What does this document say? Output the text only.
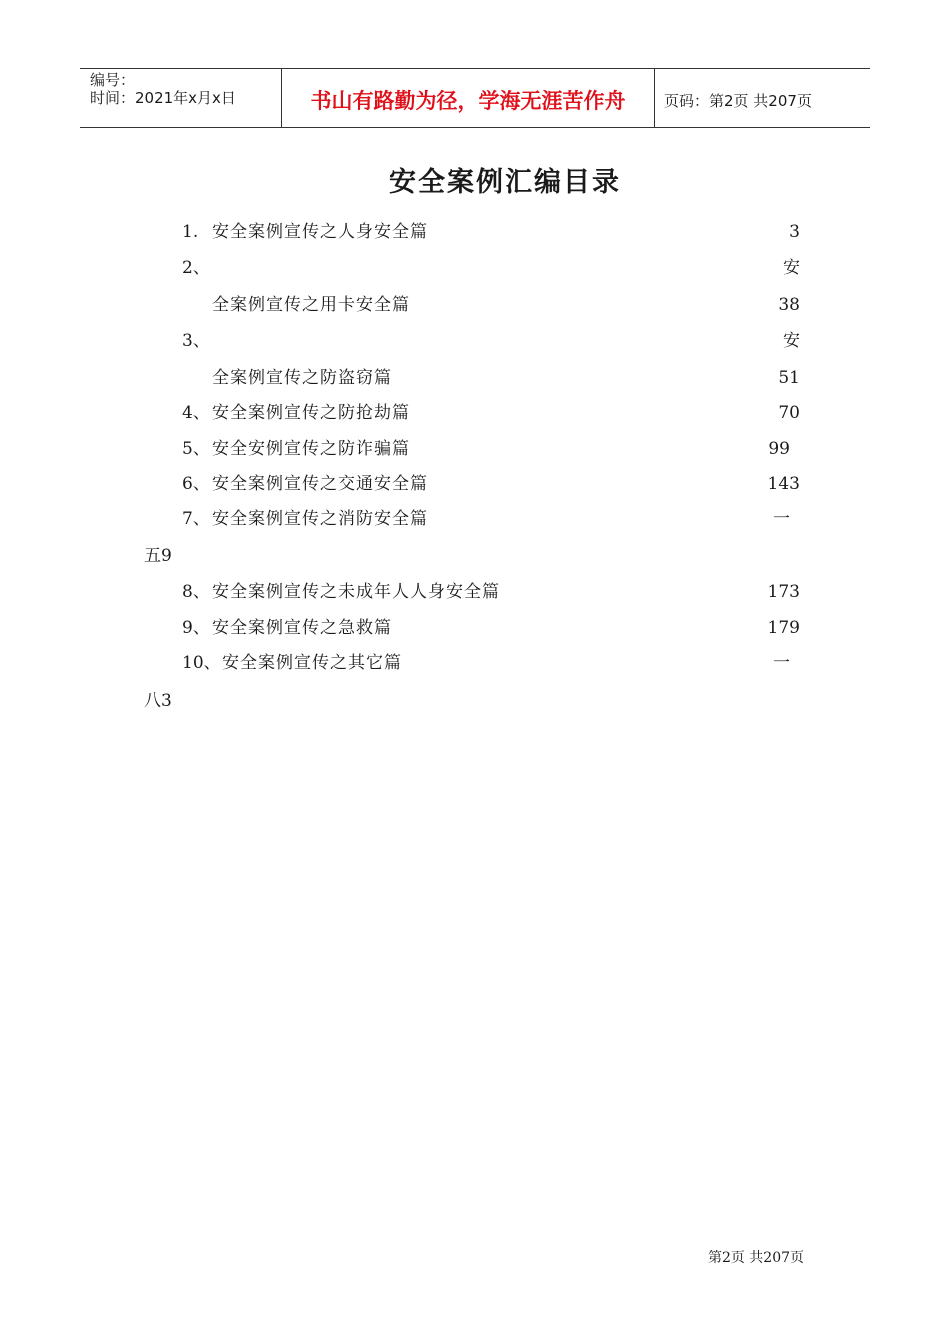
编号：
时间：2021年x月x日	书山有路勤为径，学海无涯苦作舟	页码：第2页 共207页
安全案例汇编目录
1. 安全案例宣传之人身安全篇	3
2、	安
全案例宣传之用卡安全篇	38
3、	安
全案例宣传之防盗窃篇	51
4、 安全案例宣传之防抢劫篇	70
5、 安全安例宣传之防诈骗篇	99
6、 安全案例宣传之交通安全篇	143
7、 安全案例宣传之消防安全篇	一
五9
8、 安全案例宣传之未成年人人身安全篇	173
9、 安全案例宣传之急救篇	179
10、 安全案例宣传之其它篇	一
八3
第2页 共207页
